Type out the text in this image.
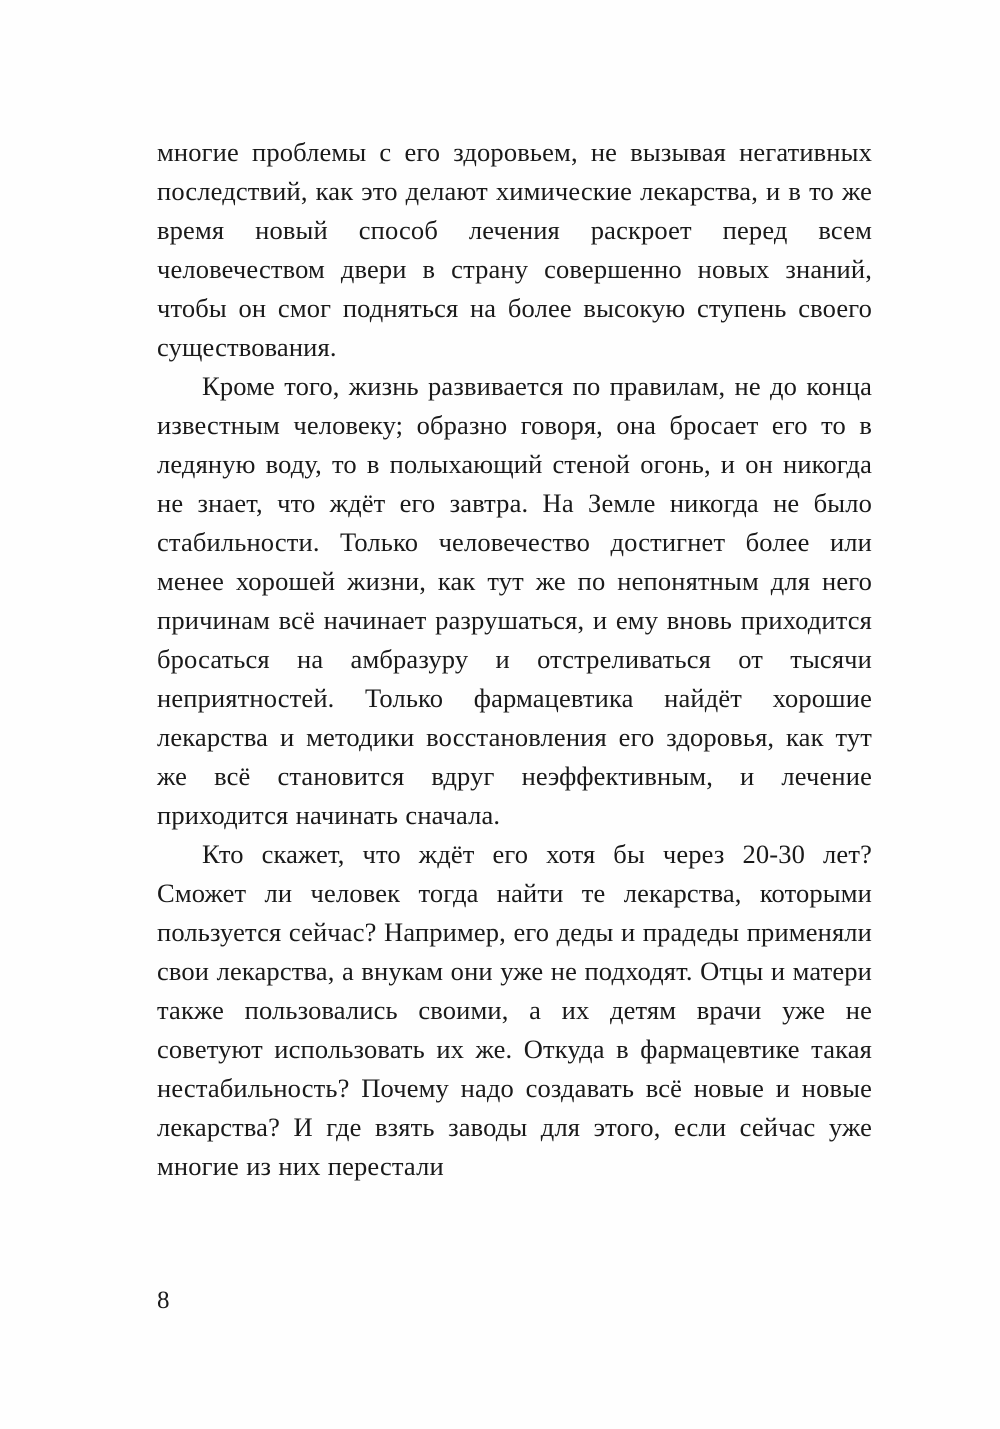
многие проблемы с его здоровьем, не вызывая негативных последствий, как это делают химические лекарства, и в то же время новый способ лечения раскроет перед всем человечеством двери в страну совершенно новых знаний, чтобы он смог подняться на более высокую ступень своего существования.

Кроме того, жизнь развивается по правилам, не до конца известным человеку; образно говоря, она бросает его то в ледяную воду, то в полыхающий стеной огонь, и он никогда не знает, что ждёт его завтра. На Земле никогда не было стабильности. Только человечество достигнет более или менее хорошей жизни, как тут же по непонятным для него причинам всё начинает разрушаться, и ему вновь приходится бросаться на амбразуру и отстреливаться от тысячи неприятностей. Только фармацевтика найдёт хорошие лекарства и методики восстановления его здоровья, как тут же всё становится вдруг неэффективным, и лечение приходится начинать сначала.

Кто скажет, что ждёт его хотя бы через 20-30 лет? Сможет ли человек тогда найти те лекарства, которыми пользуется сейчас? Например, его деды и прадеды применяли свои лекарства, а внукам они уже не подходят. Отцы и матери также пользовались своими, а их детям врачи уже не советуют использовать их же. Откуда в фармацевтике такая нестабильность? Почему надо создавать всё новые и новые лекарства? И где взять заводы для этого, если сейчас уже многие из них перестали

8
